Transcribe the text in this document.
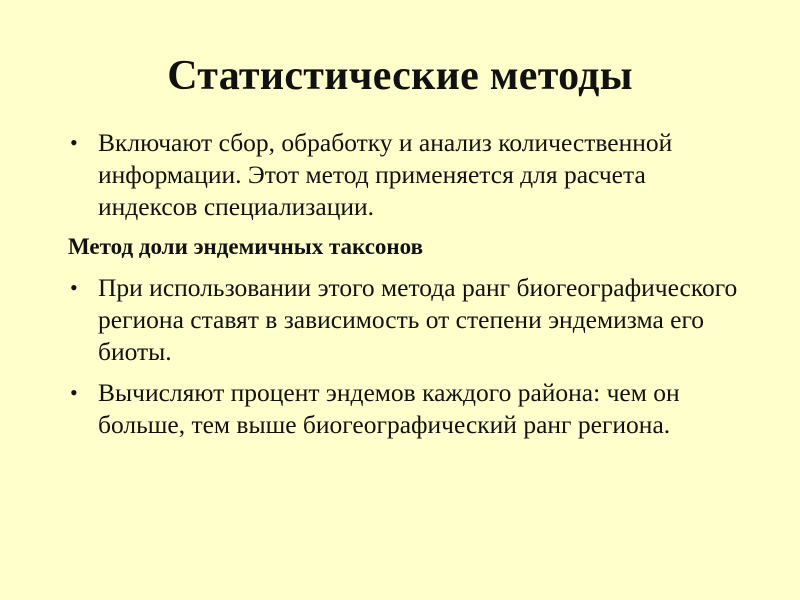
Статистические методы
• Включают сбор, обработку и анализ количественной информации. Этот метод применяется для расчета индексов специализации.
Метод доли эндемичных таксонов
• При использовании этого метода ранг биогеографического региона ставят в зависимость от степени эндемизма его биоты.
• Вычисляют процент эндемов каждого района: чем он больше, тем выше биогеографический ранг региона.
